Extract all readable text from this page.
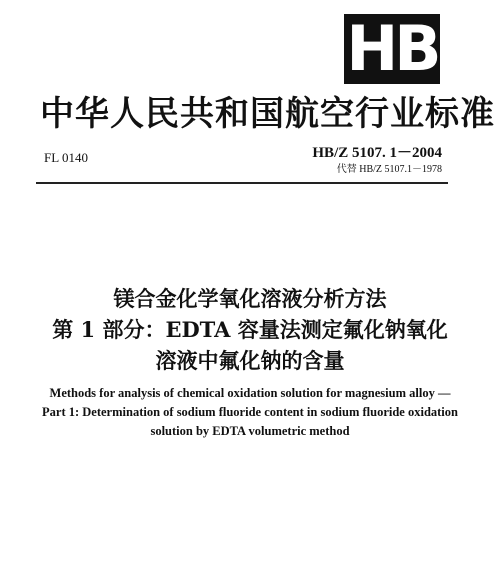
HB
中华人民共和国航空行业标准
FL 0140	HB/Z 5107. 1－2004
代替 HB/Z 5107.1－1978
镁合金化学氧化溶液分析方法
第 1 部分：EDTA 容量法测定氟化钠氧化
溶液中氟化钠的含量
Methods for analysis of chemical oxidation solution for magnesium alloy —
Part 1: Determination of sodium fluoride content in sodium fluoride oxidation
solution by EDTA volumetric method
